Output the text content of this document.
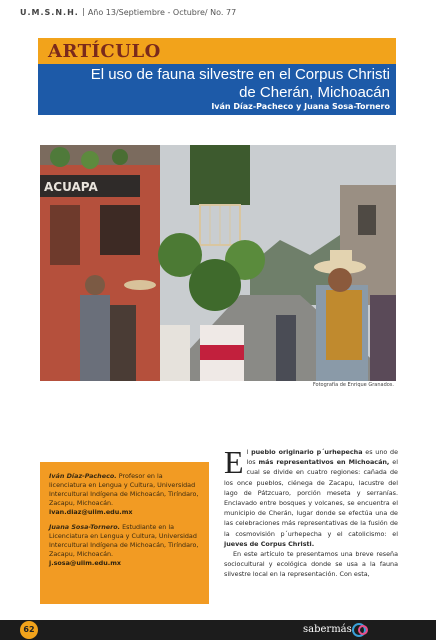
U.M.S.N.H. Año 13/Septiembre - Octubre/ No. 77
ARTÍCULO
El uso de fauna silvestre en el Corpus Christi
de Cherán, Michoacán
Iván Díaz-Pacheco y Juana Sosa-Tornero
ACUAPA
Fotografía de Enrique Granados.

Iván Díaz-Pacheco. Profesor en la licenciatura en Lengua y Cultura, Universidad Intercultural Indígena de Michoacán, Tiríndaro, Zacapu, Michoacán.
ivan.diaz@uiim.edu.mx

Juana Sosa-Tornero. Estudiante en la Licenciatura en Lengua y Cultura, Universidad Intercultural Indígena de Michoacán, Tiríndaro, Zacapu, Michoacán.
j.sosa@uiim.edu.mx

El pueblo originario p´urhepecha es uno de los más representativos en Michoacán, el cual se divide en cuatro regiones: cañada de los once pueblos, ciénega de Zacapu, lacustre del lago de Pátzcuaro, porción meseta y serranías. Enclavado entre bosques y volcanes, se encuentra el municipio de Cherán, lugar donde se efectúa una de las celebraciones más representativas de la fusión de la cosmovisión p´urhepecha y el catolicismo: el jueves de Corpus Christi.

En este artículo te presentamos una breve reseña sociocultural y ecológica donde se usa a la fauna silvestre local en la representación. Con esta,

62	sabermás
